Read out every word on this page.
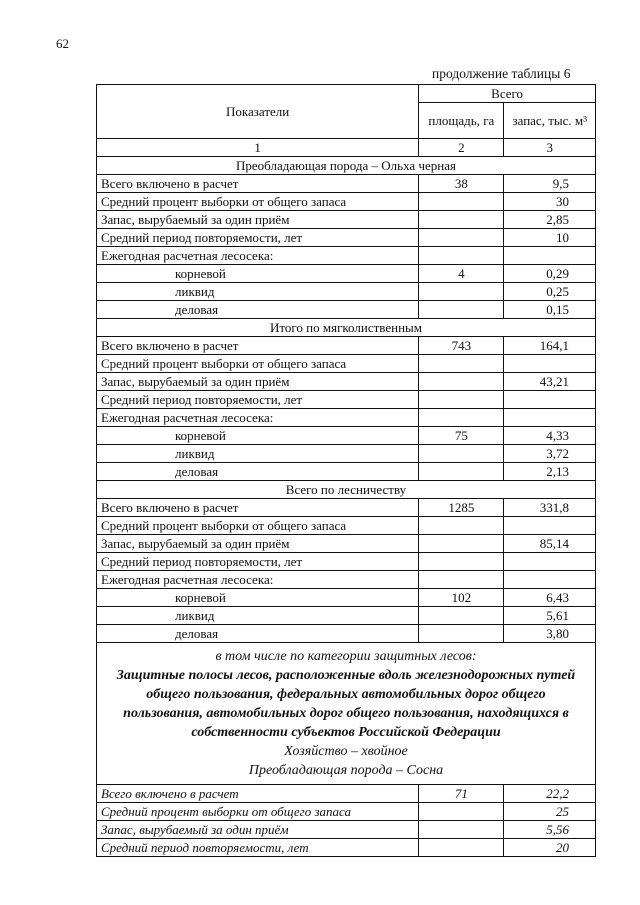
62
продолжение таблицы 6
Показатели	Всего	
	площадь, га	запас, тыс. м³
1	2	3
Преобладающая порода – Ольха черная		
Всего включено в расчет	38	9,5
Средний процент выборки от общего запаса		30
Запас, вырубаемый за один приём		2,85
Средний период повторяемости, лет		10
Ежегодная расчетная лесосека:		
корневой	4	0,29
ликвид		0,25
деловая		0,15
Итого по мягколиственным		
Всего включено в расчет	743	164,1
Средний процент выборки от общего запаса		
Запас, вырубаемый за один приём		43,21
Средний период повторяемости, лет		
Ежегодная расчетная лесосека:		
корневой	75	4,33
ликвид		3,72
деловая		2,13
Всего по лесничеству		
Всего включено в расчет	1285	331,8
Средний процент выборки от общего запаса		
Запас, вырубаемый за один приём		85,14
Средний период повторяемости, лет		
Ежегодная расчетная лесосека:		
корневой	102	6,43
ликвид		5,61
деловая		3,80

в том числе по категории защитных лесов:
Защитные полосы лесов, расположенные вдоль железнодорожных путей общего пользования, федеральных автомобильных дорог общего пользования, автомобильных дорог общего пользования, находящихся в собственности субъектов Российской Федерации
Хозяйство – хвойное
Преобладающая порода – Сосна		

Всего включено в расчет	71	22,2
Средний процент выборки от общего запаса		25
Запас, вырубаемый за один приём		5,56
Средний период повторяемости, лет		20
